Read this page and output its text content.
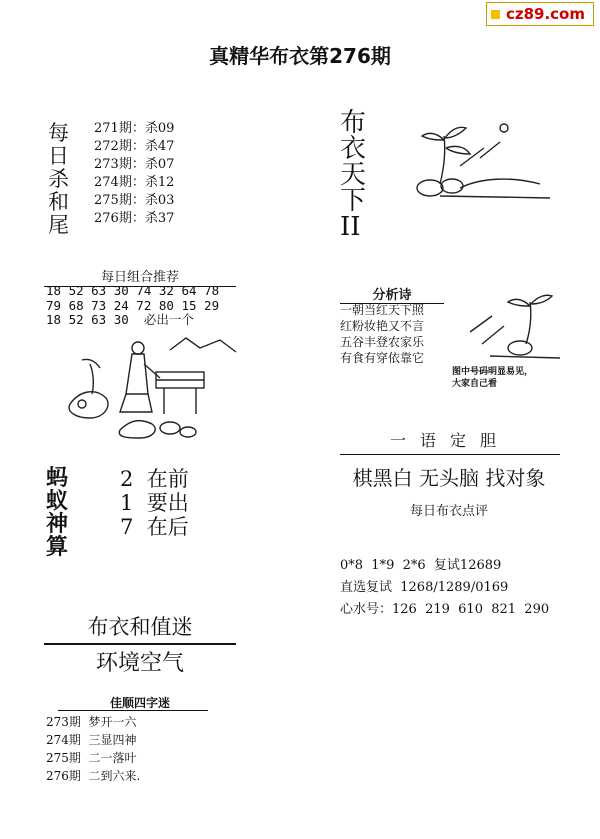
cz89.com
真精华布衣第276期
每
日
杀
和
尾
271期：杀09
272期：杀47
273期：杀07
274期：杀12
275期：杀03
276期：杀37
布
衣
天
下
II
每日组合推荐
18 52 63 30 74 32 64 78
79 68 73 24 72 80 15 29
18 52 63 30  必出一个
蚂
蚁
神
算
2  在前
1  要出
7  在后
布衣和值迷
环境空气
佳顺四字迷
273期  梦开一六
274期  三显四神
275期  二一落叶
276期  二到六来.
分析诗
一朝当红天下照
红粉妆艳又不言
五谷丰登农家乐
有食有穿依靠它
图中号码明显易见，
大家自己看
一语定胆
棋黑白 无头脑 找对象
每日布衣点评
0*8  1*9  2*6  复试12689
直选复试  1268/1289/0169
心水号：126  219  610  821  290
